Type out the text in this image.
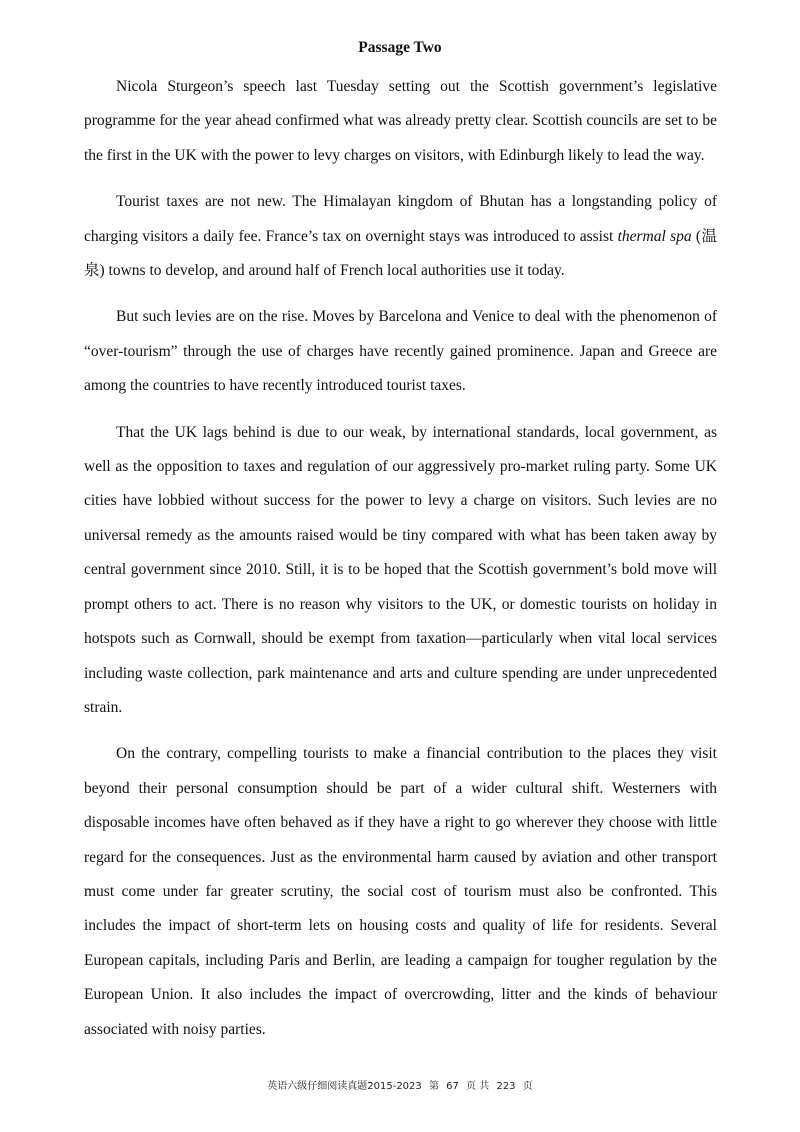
Passage Two

Nicola Sturgeon’s speech last Tuesday setting out the Scottish government’s legislative programme for the year ahead confirmed what was already pretty clear. Scottish councils are set to be the first in the UK with the power to levy charges on visitors, with Edinburgh likely to lead the way.

Tourist taxes are not new. The Himalayan kingdom of Bhutan has a longstanding policy of charging visitors a daily fee. France’s tax on overnight stays was introduced to assist thermal spa (温泉) towns to develop, and around half of French local authorities use it today.

But such levies are on the rise. Moves by Barcelona and Venice to deal with the phenomenon of “over-tourism” through the use of charges have recently gained prominence. Japan and Greece are among the countries to have recently introduced tourist taxes.

That the UK lags behind is due to our weak, by international standards, local government, as well as the opposition to taxes and regulation of our aggressively pro-market ruling party. Some UK cities have lobbied without success for the power to levy a charge on visitors. Such levies are no universal remedy as the amounts raised would be tiny compared with what has been taken away by central government since 2010. Still, it is to be hoped that the Scottish government’s bold move will prompt others to act. There is no reason why visitors to the UK, or domestic tourists on holiday in hotspots such as Cornwall, should be exempt from taxation—particularly when vital local services including waste collection, park maintenance and arts and culture spending are under unprecedented strain.

On the contrary, compelling tourists to make a financial contribution to the places they visit beyond their personal consumption should be part of a wider cultural shift. Westerners with disposable incomes have often behaved as if they have a right to go wherever they choose with little regard for the consequences. Just as the environmental harm caused by aviation and other transport must come under far greater scrutiny, the social cost of tourism must also be confronted. This includes the impact of short-term lets on housing costs and quality of life for residents. Several European capitals, including Paris and Berlin, are leading a campaign for tougher regulation by the European Union. It also includes the impact of overcrowding, litter and the kinds of behaviour associated with noisy parties.

英语六级仔细阅读真题2015-2023 第 67 页 共 223 页
